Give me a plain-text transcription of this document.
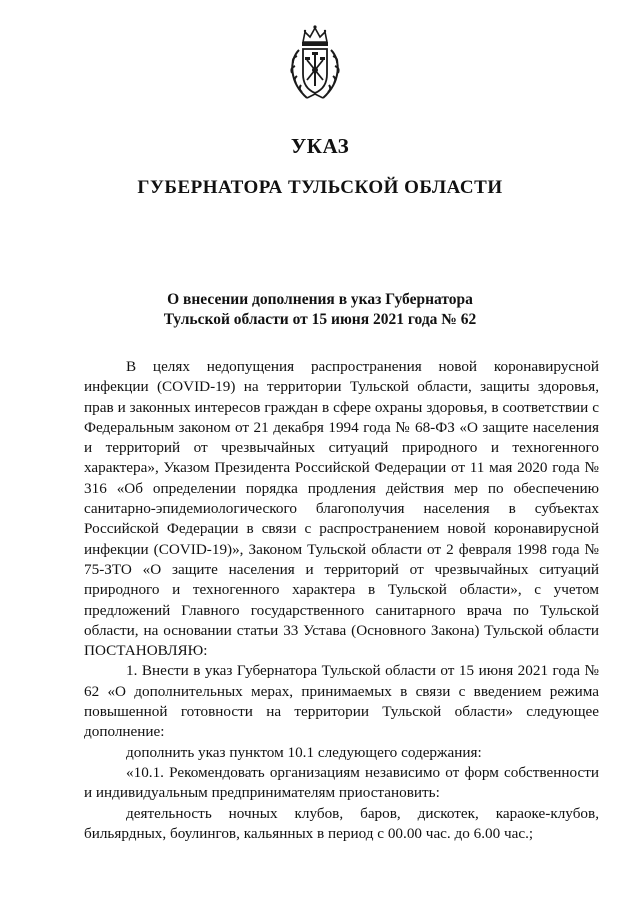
УКАЗ
ГУБЕРНАТОРА ТУЛЬСКОЙ ОБЛАСТИ
О внесении дополнения в указ Губернатора
Тульской области от 15 июня 2021 года № 62

В целях недопущения распространения новой коронавирусной инфекции (COVID-19) на территории Тульской области, защиты здоровья, прав и законных интересов граждан в сфере охраны здоровья, в соответствии с Федеральным законом от 21 декабря 1994 года № 68-ФЗ «О защите населения и территорий от чрезвычайных ситуаций природного и техногенного характера», Указом Президента Российской Федерации от 11 мая 2020 года № 316 «Об определении порядка продления действия мер по обеспечению санитарно-эпидемиологического благополучия населения в субъектах Российской Федерации в связи с распространением новой коронавирусной инфекции (COVID-19)», Законом Тульской области от 2 февраля 1998 года № 75-ЗТО «О защите населения и территорий от чрезвычайных ситуаций природного и техногенного характера в Тульской области», с учетом предложений Главного государственного санитарного врача по Тульской области, на основании статьи 33 Устава (Основного Закона) Тульской области ПОСТАНОВЛЯЮ:

1. Внести в указ Губернатора Тульской области от 15 июня 2021 года № 62 «О дополнительных мерах, принимаемых в связи с введением режима повышенной готовности на территории Тульской области» следующее дополнение:

дополнить указ пунктом 10.1 следующего содержания:

«10.1. Рекомендовать организациям независимо от форм собственности и индивидуальным предпринимателям приостановить:

деятельность ночных клубов, баров, дискотек, караоке-клубов, бильярдных, боулингов, кальянных в период с 00.00 час. до 6.00 час.;
